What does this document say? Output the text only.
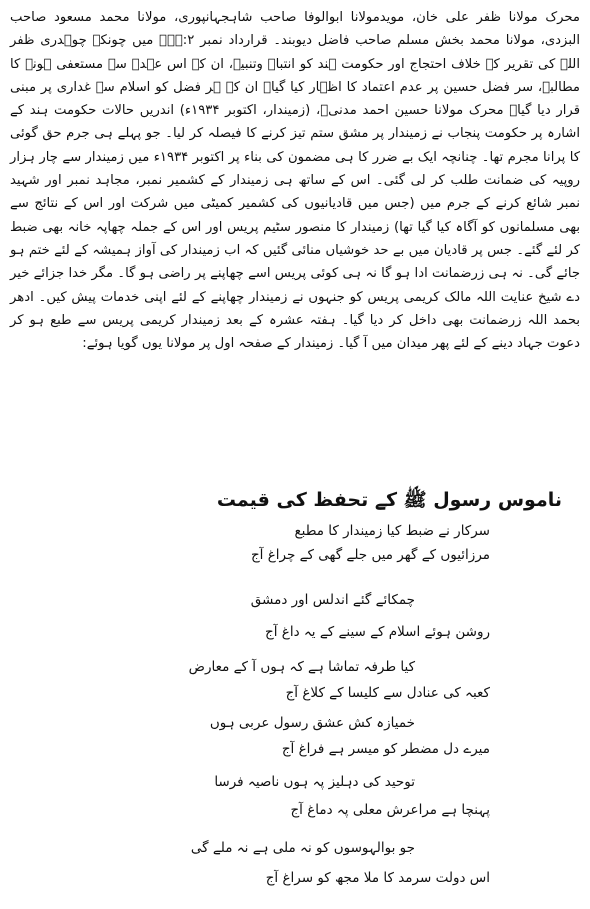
محرک مولانا ظفر علی خان، مویدمولانا ابوالوفا صاحب شاہجہانپوری، مولانا محمد مسعود صاحب البزدی، مولانا محمد بخش مسلم صاحب فاضل دیوبند۔ قرارداد نمبر ۲:۔۔۔ میں چونکہ چوہدری ظفر اللہ کی تقریر کے خلاف احتجاج اور حکومت ہند کو انتباہ وتنبیہ، ان کے اس عہدہ سے مستعفی ہونے کا مطالبہ، سر فضل حسین پر عدم اعتماد کا اظہار کیا گیا۔ ان کے ہر فضل کو اسلام سے غداری پر مبنی قرار دیا گیا۔ محرک مولانا حسین احمد مدنیؒ، (زمیندار، اکتوبر ۱۹۳۴ء) اندریں حالات حکومت ہند کے اشارہ پر حکومت پنجاب نے زمیندار پر مشق ستم تیز کرنے کا فیصلہ کر لیا۔ جو پہلے ہی جرم حق گوئی کا پرانا مجرم تھا۔ چنانچہ ایک بے ضرر کا ہی مضمون کی بناء پر اکتوبر ۱۹۳۴ء میں زمیندار سے چار ہزار روپیہ کی ضمانت طلب کر لی گئی۔ اس کے ساتھ ہی زمیندار کے کشمیر نمبر، مجاہد نمبر اور شہید نمبر شائع کرنے کے جرم میں (جس میں قادیانیوں کی کشمیر کمیٹی میں شرکت اور اس کے نتائج سے بھی مسلمانوں کو آگاہ کیا گیا تھا) زمیندار کا منصور سٹیم پریس اور اس کے جملہ چھاپہ خانہ بھی ضبط کر لئے گئے۔ جس پر قادیان میں بے حد خوشیاں منائی گئیں کہ اب زمیندار کی آواز ہمیشہ کے لئے ختم ہو جائے گی۔ نہ ہی زرضمانت ادا ہو گا نہ ہی کوئی پریس اسے چھاپنے پر راضی ہو گا۔ مگر خدا جزائے خیر دے شیخ عنایت اللہ مالک کریمی پریس کو جنہوں نے زمیندار چھاپنے کے لئے اپنی خدمات پیش کیں۔ ادھر بحمد اللہ زرضمانت بھی داخل کر دیا گیا۔ ہفتہ عشرہ کے بعد زمیندار کریمی پریس سے طبع ہو کر دعوت جہاد دینے کے لئے پھر میدان میں آ گیا۔ زمیندار کے صفحہ اول پر مولانا یوں گویا ہوئے:
ناموس رسول ﷺ کے تحفظ کی قیمت
سرکار نے ضبط کیا زمیندار کا مطبع
مرزائیوں کے گھر میں جلے گھی کے چراغ آج
چمکائے گئے اندلس اور دمشق
روشن ہوئے اسلام کے سینے کے یہ داغ آج
کیا طرفہ تماشا ہے کہ ہوں آ کے معارض
کعبہ کی عنادل سے کلیسا کے کلاغ آج
خمیازہ کش عشق رسول عربی ہوں
میرے دل مضطر کو میسر ہے فراغ آج
توحید کی دہلیز پہ ہوں ناصیہ فرسا
پہنچا ہے مراعرش معلی پہ دماغ آج
جو بوالہوسوں کو نہ ملی ہے نہ ملے گی
اس دولت سرمد کا ملا مجھ کو سراغ آج
